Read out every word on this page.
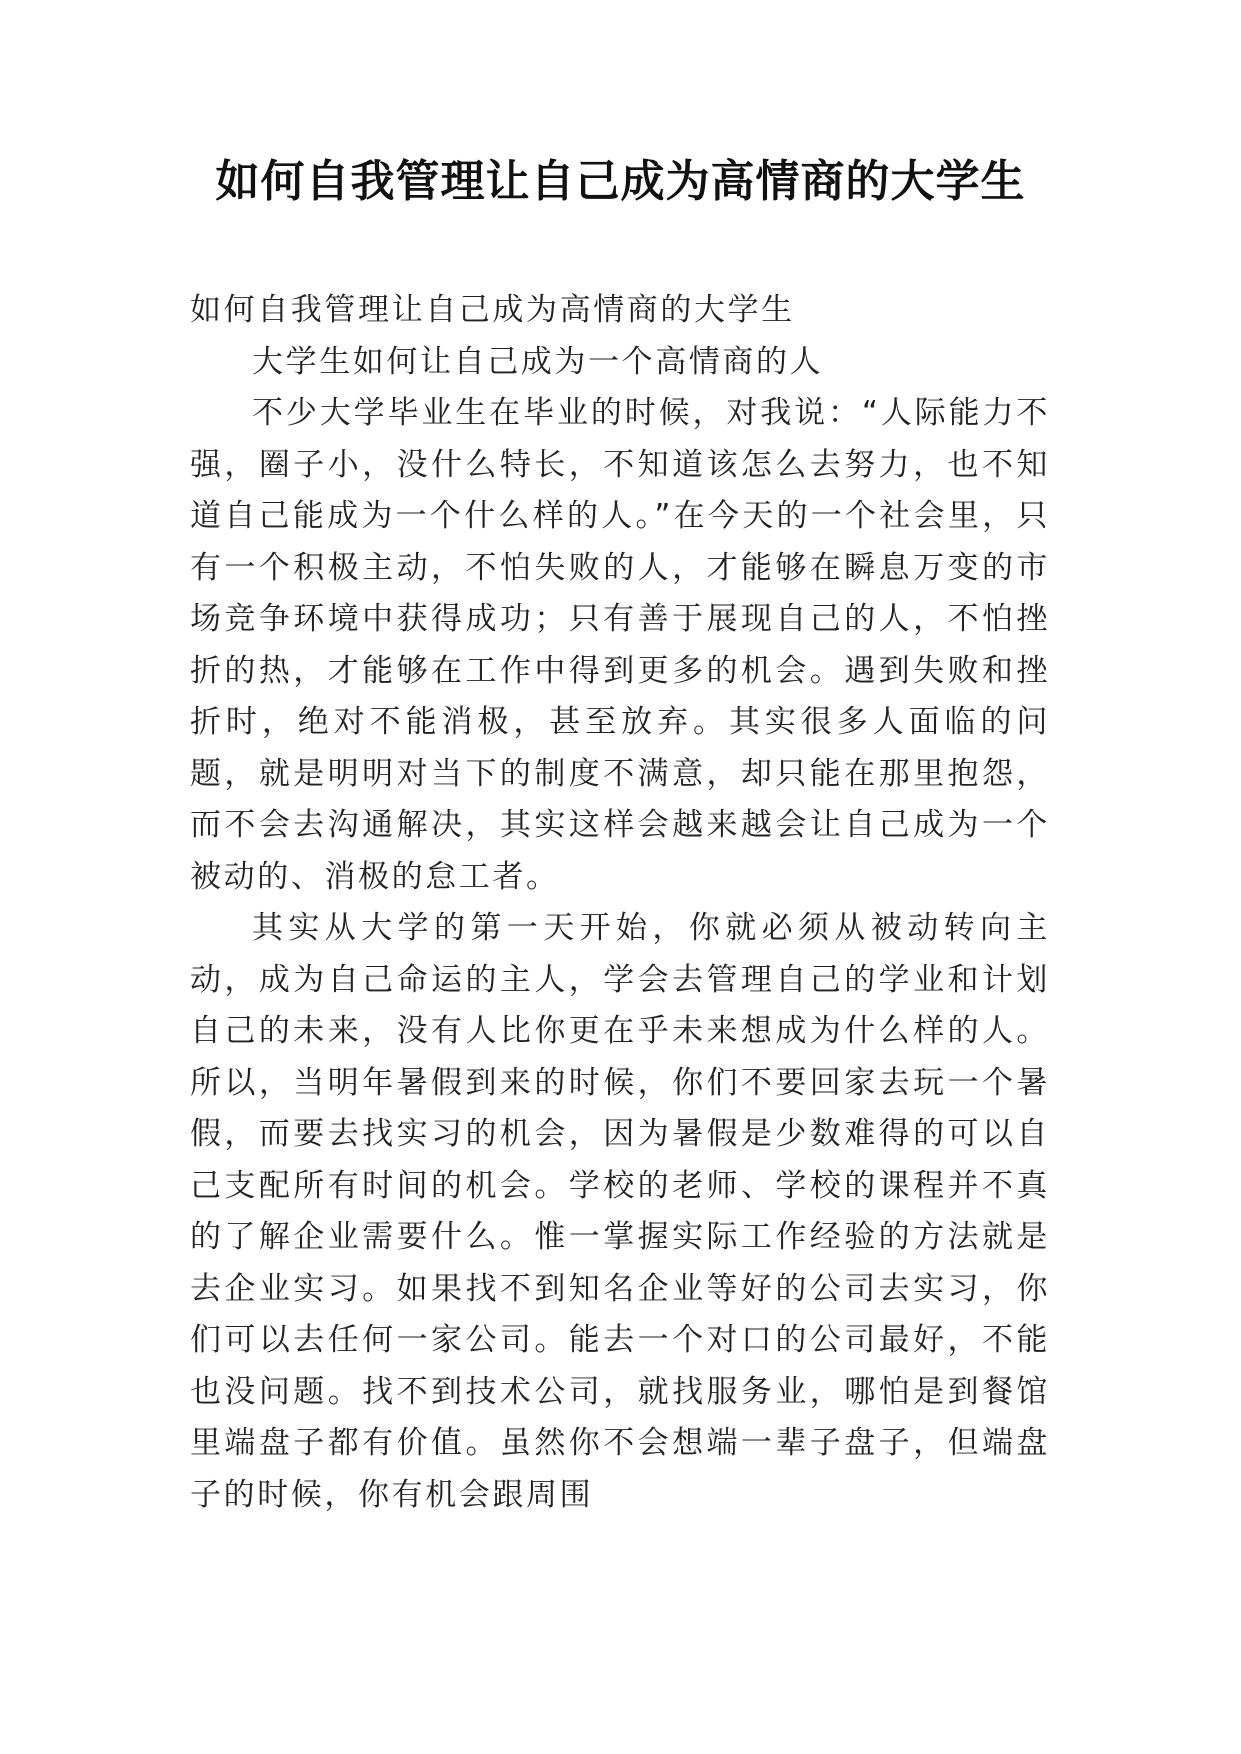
如何自我管理让自己成为高情商的大学生

如何自我管理让自己成为高情商的大学生

大学生如何让自己成为一个高情商的人

不少大学毕业生在毕业的时候，对我说：“人际能力不强，圈子小，没什么特长，不知道该怎么去努力，也不知道自己能成为一个什么样的人。”在今天的一个社会里，只有一个积极主动，不怕失败的人，才能够在瞬息万变的市场竞争环境中获得成功；只有善于展现自己的人，不怕挫折的热，才能够在工作中得到更多的机会。遇到失败和挫折时，绝对不能消极，甚至放弃。其实很多人面临的问题，就是明明对当下的制度不满意，却只能在那里抱怨，而不会去沟通解决，其实这样会越来越会让自己成为一个被动的、消极的怠工者。

其实从大学的第一天开始，你就必须从被动转向主动，成为自己命运的主人，学会去管理自己的学业和计划自己的未来，没有人比你更在乎未来想成为什么样的人。所以，当明年暑假到来的时候，你们不要回家去玩一个暑假，而要去找实习的机会，因为暑假是少数难得的可以自己支配所有时间的机会。学校的老师、学校的课程并不真的了解企业需要什么。惟一掌握实际工作经验的方法就是去企业实习。如果找不到知名企业等好的公司去实习，你们可以去任何一家公司。能去一个对口的公司最好，不能也没问题。找不到技术公司，就找服务业，哪怕是到餐馆里端盘子都有价值。虽然你不会想端一辈子盘子，但端盘子的时候，你有机会跟周围
